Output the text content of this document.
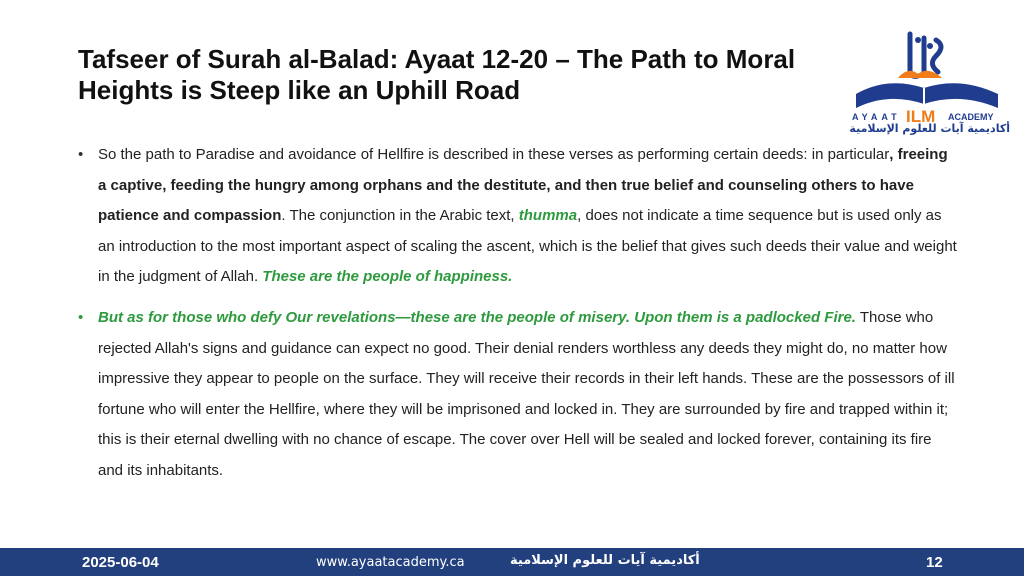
Tafseer of Surah al-Balad: Ayaat 12-20 – The Path to Moral Heights is Steep like an Uphill Road
AYAAT ILM ACADEMY
أكاديمية آيات للعلوم الإسلامية
• So the path to Paradise and avoidance of Hellfire is described in these verses as performing certain deeds: in particular, freeing a captive, feeding the hungry among orphans and the destitute, and then true belief and counseling others to have patience and compassion. The conjunction in the Arabic text, thumma, does not indicate a time sequence but is used only as an introduction to the most important aspect of scaling the ascent, which is the belief that gives such deeds their value and weight in the judgment of Allah. These are the people of happiness.
• But as for those who defy Our revelations—these are the people of misery. Upon them is a padlocked Fire. Those who rejected Allah's signs and guidance can expect no good. Their denial renders worthless any deeds they might do, no matter how impressive they appear to people on the surface. They will receive their records in their left hands. These are the possessors of ill fortune who will enter the Hellfire, where they will be imprisoned and locked in. They are surrounded by fire and trapped within it; this is their eternal dwelling with no chance of escape. The cover over Hell will be sealed and locked forever, containing its fire and its inhabitants.
2025-06-04	www.ayaatacademy.ca	أكاديمية آيات للعلوم الإسلامية	12
